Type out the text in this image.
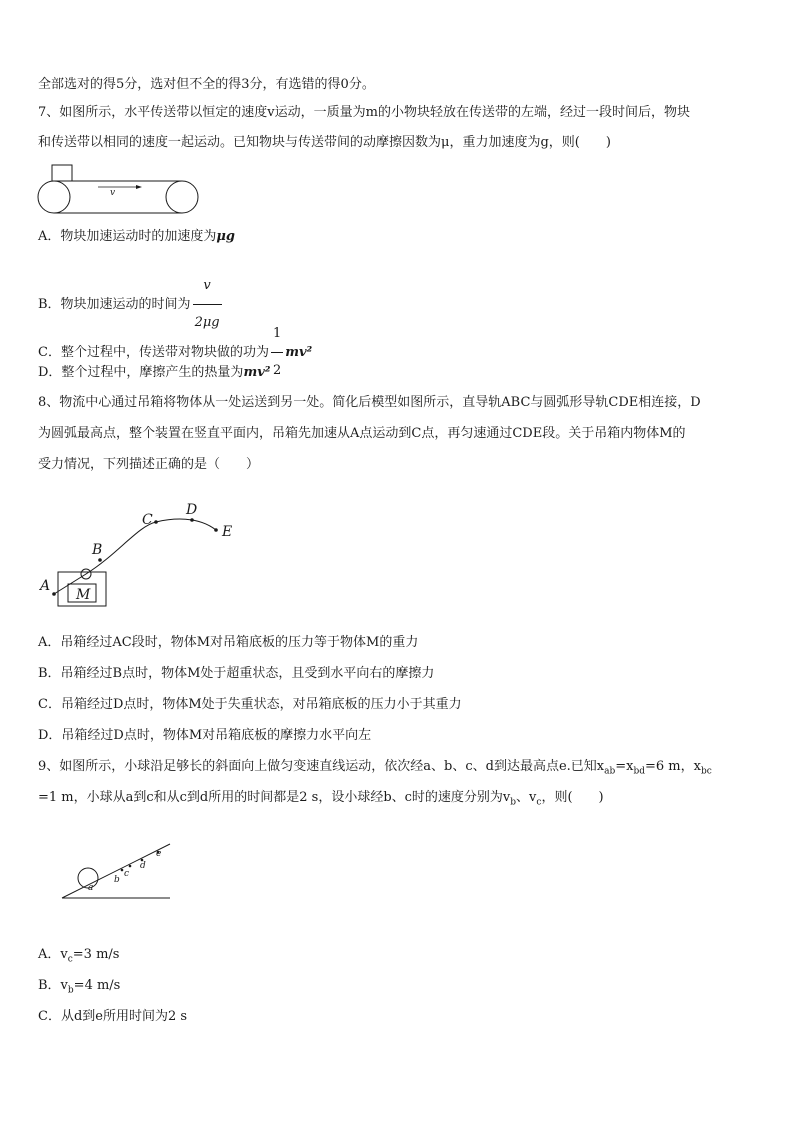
全部选对的得5分，选对但不全的得3分，有选错的得0分。
7、如图所示，水平传送带以恒定的速度v运动，一质量为m的小物块轻放在传送带的左端，经过一段时间后，物块
和传送带以相同的速度一起运动。已知物块与传送带间的动摩擦因数为μ，重力加速度为g，则(　　)
v
A．物块加速运动时的加速度为μg
B．物块加速运动的时间为 $\frac{v}{2\mu g}$
C．整个过程中，传送带对物块做的功为 $\frac{1}{2} mv^2$
D．整个过程中，摩擦产生的热量为mv²
8、物流中心通过吊箱将物体从一处运送到另一处。简化后模型如图所示，直导轨ABC与圆弧形导轨CDE相连接，D
为圆弧最高点，整个装置在竖直平面内，吊箱先加速从A点运动到C点，再匀速通过CDE段。关于吊箱内物体M的
受力情况，下列描述正确的是（　　）
A
B
C
D
E
M
A．吊箱经过AC段时，物体M对吊箱底板的压力等于物体M的重力
B．吊箱经过B点时，物体M处于超重状态，且受到水平向右的摩擦力
C．吊箱经过D点时，物体M处于失重状态，对吊箱底板的压力小于其重力
D．吊箱经过D点时，物体M对吊箱底板的摩擦力水平向左
9、如图所示，小球沿足够长的斜面向上做匀变速直线运动，依次经a、b、c、d到达最高点e.已知$x_{ab}=x_{bd}=6$ m，$x_{bc}$
=1 m，小球从a到c和从c到d所用的时间都是2 s，设小球经b、c时的速度分别为$v_b$、$v_c$，则(　　)
a
b
c
d
e
A．$v_c=3$ m/s
B．$v_b=4$ m/s
C．从d到e所用时间为2 s
